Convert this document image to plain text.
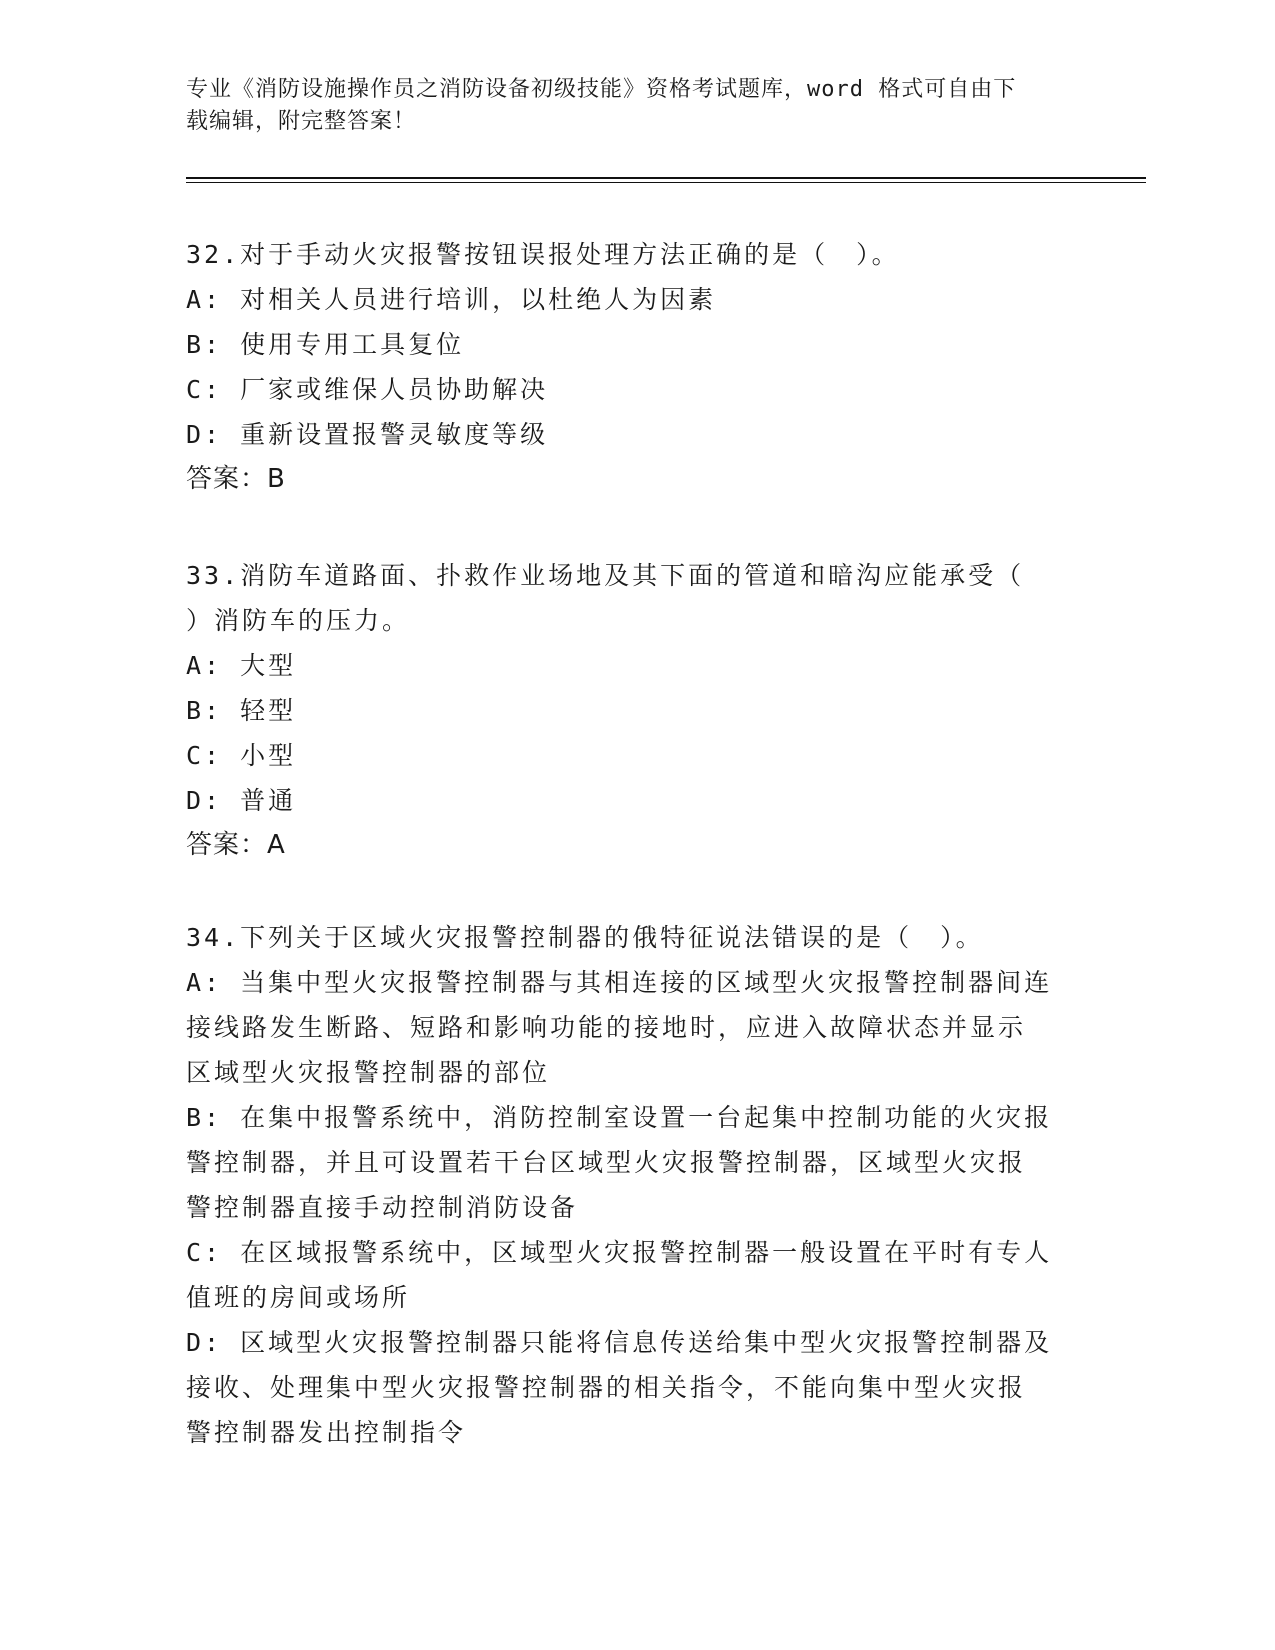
专业《消防设施操作员之消防设备初级技能》资格考试题库，word 格式可自由下
载编辑，附完整答案！
32.对于手动火灾报警按钮误报处理方法正确的是（　）。
A: 对相关人员进行培训，以杜绝人为因素
B: 使用专用工具复位
C: 厂家或维保人员协助解决
D: 重新设置报警灵敏度等级
答案：B
33.消防车道路面、扑救作业场地及其下面的管道和暗沟应能承受（
）消防车的压力。
A: 大型
B: 轻型
C: 小型
D: 普通
答案：A
34.下列关于区域火灾报警控制器的俄特征说法错误的是（　）。
A: 当集中型火灾报警控制器与其相连接的区域型火灾报警控制器间连
接线路发生断路、短路和影响功能的接地时，应进入故障状态并显示
区域型火灾报警控制器的部位
B: 在集中报警系统中，消防控制室设置一台起集中控制功能的火灾报
警控制器，并且可设置若干台区域型火灾报警控制器，区域型火灾报
警控制器直接手动控制消防设备
C: 在区域报警系统中，区域型火灾报警控制器一般设置在平时有专人
值班的房间或场所
D: 区域型火灾报警控制器只能将信息传送给集中型火灾报警控制器及
接收、处理集中型火灾报警控制器的相关指令，不能向集中型火灾报
警控制器发出控制指令
